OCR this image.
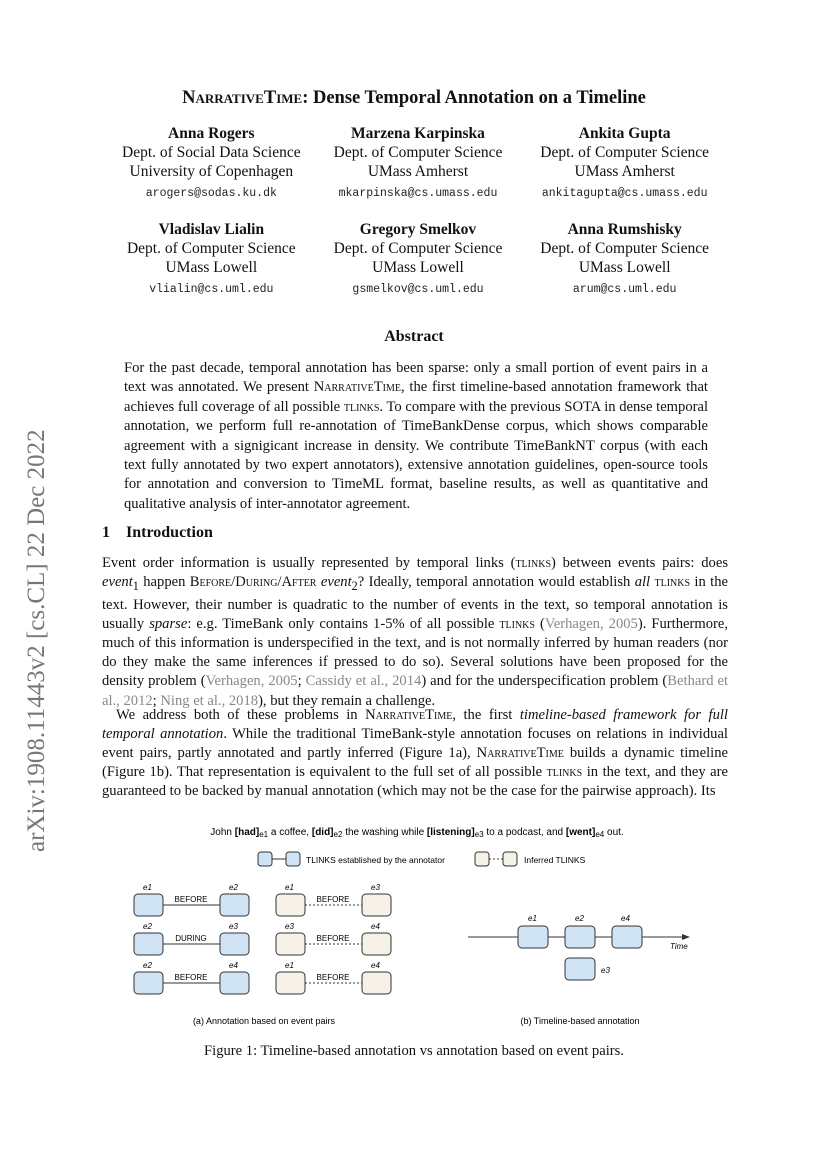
NarrativeTime: Dense Temporal Annotation on a Timeline
Anna Rogers
Dept. of Social Data Science
University of Copenhagen
arogers@sodas.ku.dk
Marzena Karpinska
Dept. of Computer Science
UMass Amherst
mkarpinska@cs.umass.edu
Ankita Gupta
Dept. of Computer Science
UMass Amherst
ankitagupta@cs.umass.edu
Vladislav Lialin
Dept. of Computer Science
UMass Lowell
vlialin@cs.uml.edu
Gregory Smelkov
Dept. of Computer Science
UMass Lowell
gsmelkov@cs.uml.edu
Anna Rumshisky
Dept. of Computer Science
UMass Lowell
arum@cs.uml.edu
arXiv:1908.11443v2 [cs.CL] 22 Dec 2022
Abstract

For the past decade, temporal annotation has been sparse: only a small portion of event pairs in a text was annotated. We present NarrativeTime, the first timeline-based annotation framework that achieves full coverage of all possible tlinks. To compare with the previous SOTA in dense temporal annotation, we perform full re-annotation of TimeBankDense corpus, which shows comparable agreement with a signigicant increase in density. We contribute TimeBankNT corpus (with each text fully annotated by two expert annotators), extensive annotation guidelines, open-source tools for annotation and conversion to TimeML format, baseline results, as well as quantitative and qualitative analysis of inter-annotator agreement.

1 Introduction

Event order information is usually represented by temporal links (tlinks) between events pairs: does event$_1$ happen Before/During/After event$_2$? Ideally, temporal annotation would establish all tlinks in the text. However, their number is quadratic to the number of events in the text, so temporal annotation is usually sparse: e.g. TimeBank only contains 1-5% of all possible tlinks (Verhagen, 2005). Furthermore, much of this information is underspecified in the text, and is not normally inferred by human readers (nor do they make the same inferences if pressed to do so). Several solutions have been proposed for the density problem (Verhagen, 2005; Cassidy et al., 2014) and for the underspecification problem (Bethard et al., 2012; Ning et al., 2018), but they remain a challenge.

We address both of these problems in NarrativeTime, the first timeline-based framework for full temporal annotation. While the traditional TimeBank-style annotation focuses on relations in individual event pairs, partly annotated and partly inferred (Figure 1a), NarrativeTime builds a dynamic timeline (Figure 1b). That representation is equivalent to the full set of all possible tlinks in the text, and they are guaranteed to be backed by manual annotation (which may not be the case for the pairwise approach). Its

John $[had]_{e1}$ a coffee, $[did]_{e2}$ the washing while $[listening]_{e3}$ to a podcast, and $[went]_{e4}$ out.
TLINKS established by the annotator	Inferred TLINKS
e1	e2
BEFORE
e2	e3
DURING
e2	e4
BEFORE
e1	e3
BEFORE
e3	e4
BEFORE
e1	e4
BEFORE
Time
e1	e2	e4
e3
(a) Annotation based on event pairs	(b) Timeline-based annotation

Figure 1: Timeline-based annotation vs annotation based on event pairs.
